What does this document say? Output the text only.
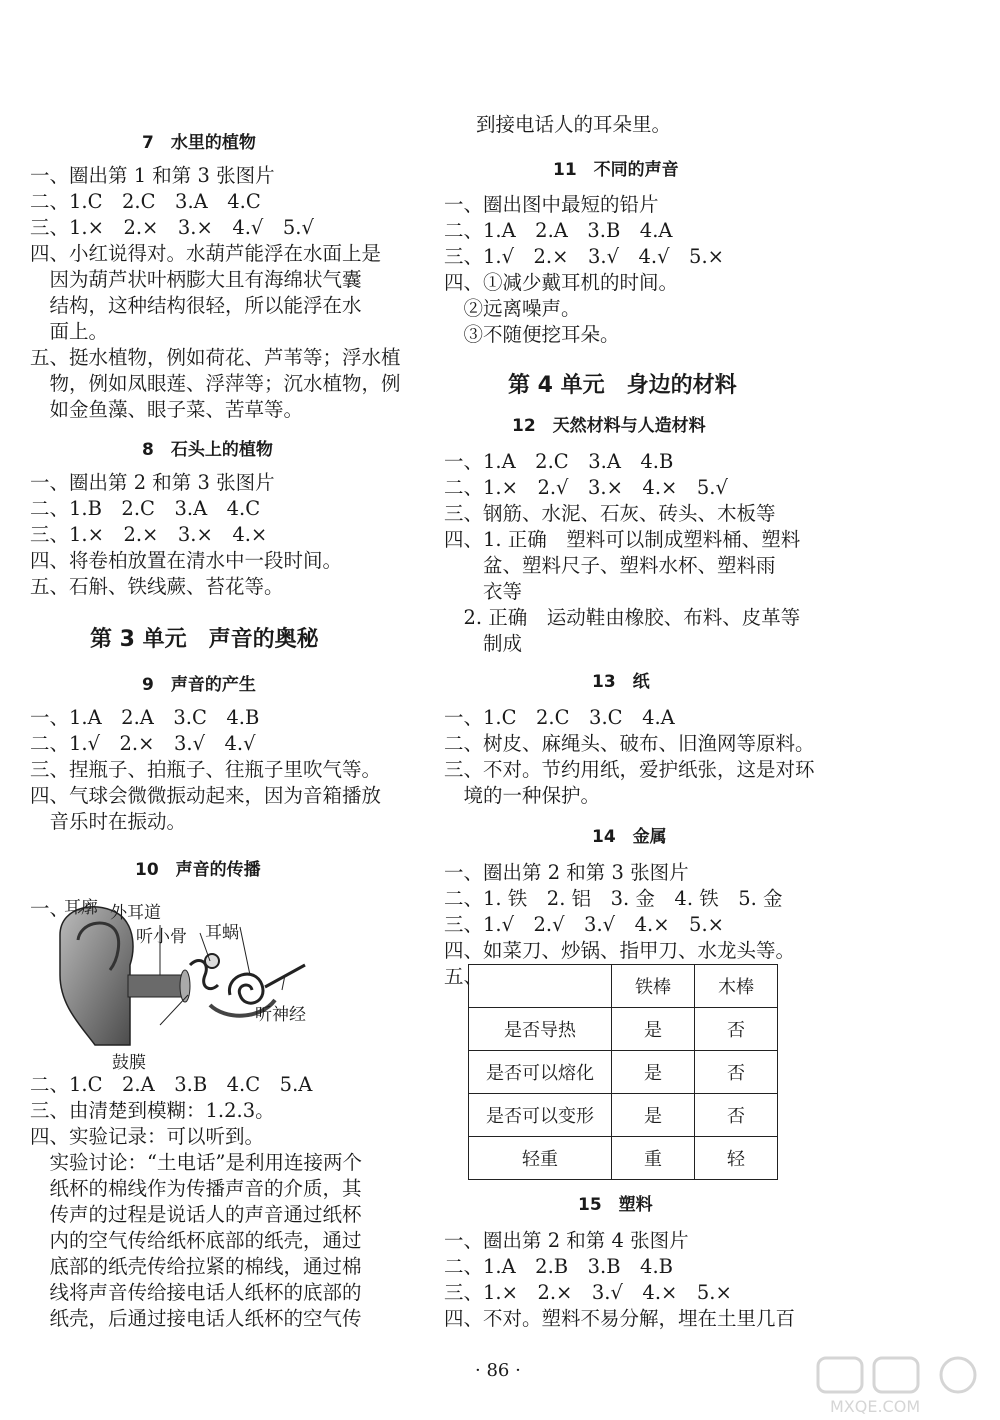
7　水里的植物
一、圈出第 1 和第 3 张图片
二、1.C　2.C　3.A　4.C
三、1.×　2.×　3.×　4.√　5.√
四、小红说得对。水葫芦能浮在水面上是
　因为葫芦状叶柄膨大且有海绵状气囊
　结构，这种结构很轻，所以能浮在水
　面上。
五、挺水植物，例如荷花、芦苇等；浮水植
　物，例如凤眼莲、浮萍等；沉水植物，例
　如金鱼藻、眼子菜、苦草等。
8　石头上的植物
一、圈出第 2 和第 3 张图片
二、1.B　2.C　3.A　4.C
三、1.×　2.×　3.×　4.×
四、将卷柏放置在清水中一段时间。
五、石斛、铁线蕨、苔花等。
第 3 单元　声音的奥秘
9　声音的产生
一、1.A　2.A　3.C　4.B
二、1.√　2.×　3.√　4.√
三、捏瓶子、拍瓶子、往瓶子里吹气等。
四、气球会微微振动起来，因为音箱播放
　音乐时在振动。
10　声音的传播
一、
耳廓 外耳道
听小骨 耳蜗
听神经
鼓膜
二、1.C　2.A　3.B　4.C　5.A
三、由清楚到模糊：1.2.3。
四、实验记录：可以听到。
　实验讨论：“土电话”是利用连接两个
　纸杯的棉线作为传播声音的介质，其
　传声的过程是说话人的声音通过纸杯
　内的空气传给纸杯底部的纸壳，通过
　底部的纸壳传给拉紧的棉线，通过棉
　线将声音传给接电话人纸杯的底部的
　纸壳，后通过接电话人纸杯的空气传
到接电话人的耳朵里。
11　不同的声音
一、圈出图中最短的铅片
二、1.A　2.A　3.B　4.A
三、1.√　2.×　3.√　4.√　5.×
四、①减少戴耳机的时间。
　②远离噪声。
　③不随便挖耳朵。
第 4 单元　身边的材料
12　天然材料与人造材料
一、1.A　2.C　3.A　4.B
二、1.×　2.√　3.×　4.×　5.√
三、钢筋、水泥、石灰、砖头、木板等
四、1. 正确　塑料可以制成塑料桶、塑料
　　盆、塑料尺子、塑料水杯、塑料雨
　　衣等
　2. 正确　运动鞋由橡胶、布料、皮革等
　　制成
13　纸
一、1.C　2.C　3.C　4.A
二、树皮、麻绳头、破布、旧渔网等原料。
三、不对。节约用纸，爱护纸张，这是对环
　境的一种保护。
14　金属
一、圈出第 2 和第 3 张图片
二、1. 铁　2. 铝　3. 金　4. 铁　5. 金
三、1.√　2.√　3.√　4.×　5.×
四、如菜刀、炒锅、指甲刀、水龙头等。
五、
		铁棒	木棒
是否导热	是	否
是否可以熔化	是	否
是否可以变形	是	否
轻重	重	轻
15　塑料
一、圈出第 2 和第 4 张图片
二、1.A　2.B　3.B　4.B
三、1.×　2.×　3.√　4.×　5.×
四、不对。塑料不易分解，埋在土里几百
· 86 ·
MXQE.COM
